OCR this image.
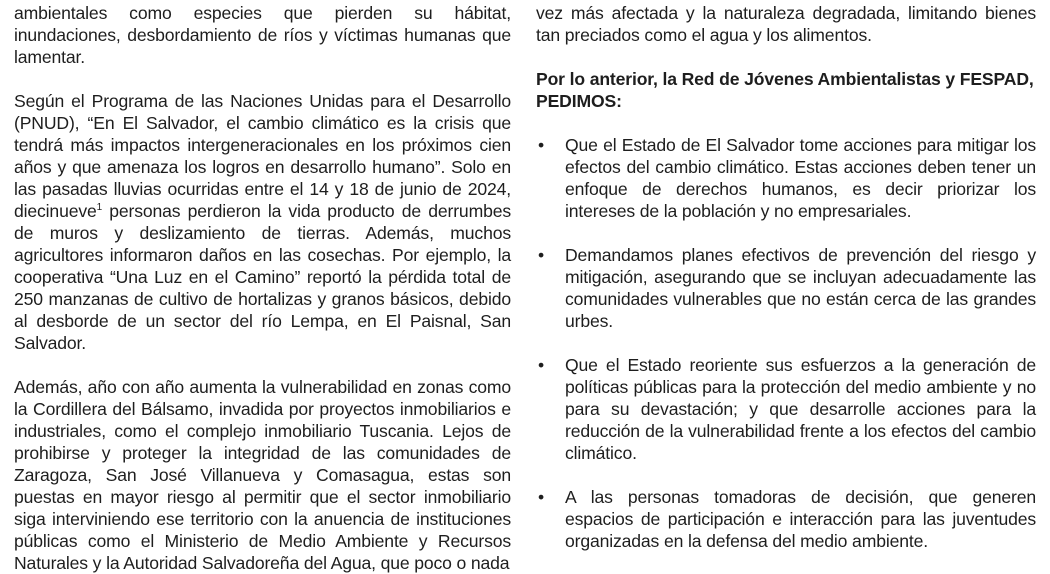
ambientales como especies que pierden su hábitat, inundaciones, desbordamiento de ríos y víctimas humanas que lamentar.

Según el Programa de las Naciones Unidas para el Desarrollo (PNUD), “En El Salvador, el cambio climático es la crisis que tendrá más impactos intergeneracionales en los próximos cien años y que amenaza los logros en desarrollo humano”. Solo en las pasadas lluvias ocurridas entre el 14 y 18 de junio de 2024, diecinueve$^1$ personas perdieron la vida producto de derrumbes de muros y deslizamiento de tierras. Además, muchos agricultores informaron daños en las cosechas. Por ejemplo, la cooperativa “Una Luz en el Camino” reportó la pérdida total de 250 manzanas de cultivo de hortalizas y granos básicos, debido al desborde de un sector del río Lempa, en El Paisnal, San Salvador.

Además, año con año aumenta la vulnerabilidad en zonas como la Cordillera del Bálsamo, invadida por proyectos inmobiliarios e industriales, como el complejo inmobiliario Tuscania. Lejos de prohibirse y proteger la integridad de las comunidades de Zaragoza, San José Villanueva y Comasagua, estas son puestas en mayor riesgo al permitir que el sector inmobiliario siga interviniendo ese territorio con la anuencia de instituciones públicas como el Ministerio de Medio Ambiente y Recursos Naturales y la Autoridad Salvadoreña del Agua, que poco o nada

vez más afectada y la naturaleza degradada, limitando bienes tan preciados como el agua y los alimentos.

Por lo anterior, la Red de Jóvenes Ambientalistas y FESPAD, PEDIMOS:

• Que el Estado de El Salvador tome acciones para mitigar los efectos del cambio climático. Estas acciones deben tener un enfoque de derechos humanos, es decir priorizar los intereses de la población y no empresariales.

• Demandamos planes efectivos de prevención del riesgo y mitigación, asegurando que se incluyan adecuadamente las comunidades vulnerables que no están cerca de las grandes urbes.

• Que el Estado reoriente sus esfuerzos a la generación de políticas públicas para la protección del medio ambiente y no para su devastación; y que desarrolle acciones para la reducción de la vulnerabilidad frente a los efectos del cambio climático.

• A las personas tomadoras de decisión, que generen espacios de participación e interacción para las juventudes organizadas en la defensa del medio ambiente.
